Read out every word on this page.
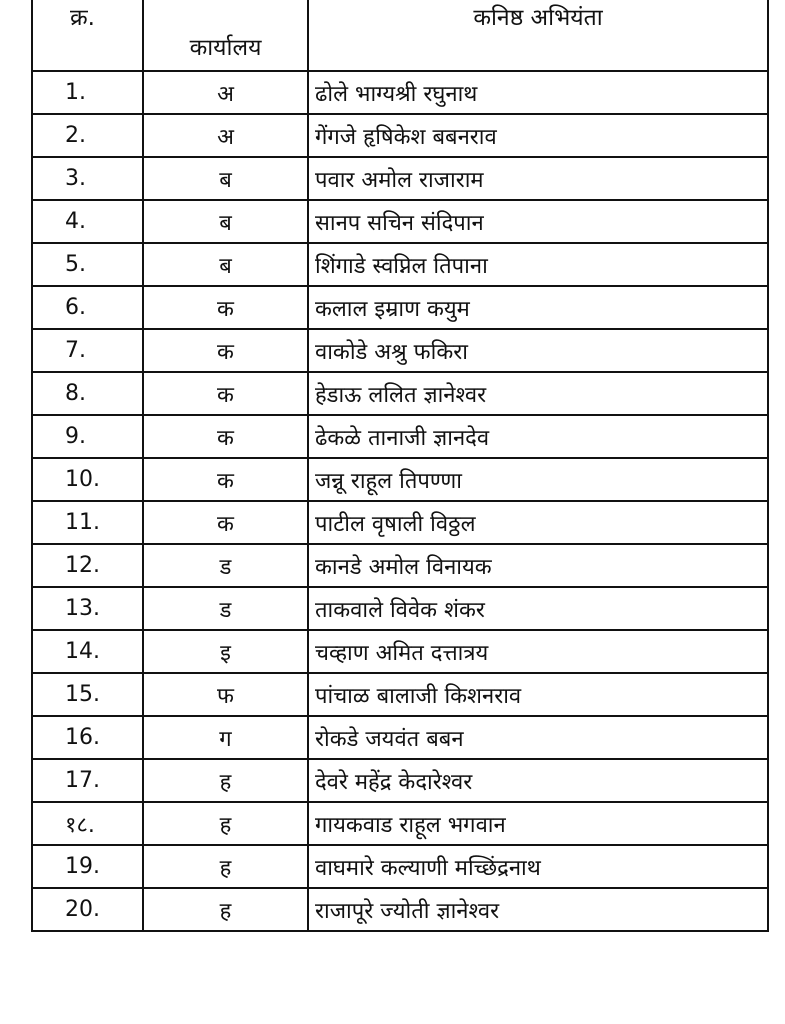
क्र.	कार्यालय	कनिष्ठ अभियंता
1.	अ	ढोले भाग्यश्री रघुनाथ
2.	अ	गेंगजे हृषिकेश बबनराव
3.	ब	पवार अमोल राजाराम
4.	ब	सानप सचिन संदिपान
5.	ब	शिंगाडे स्वप्निल तिपाना
6.	क	कलाल इम्राण कयुम
7.	क	वाकोडे अश्रु फकिरा
8.	क	हेडाऊ ललित ज्ञानेश्वर
9.	क	ढेकळे तानाजी ज्ञानदेव
10.	क	जन्नू राहूल तिपण्णा
11.	क	पाटील वृषाली विठ्ठल
12.	ड	कानडे अमोल विनायक
13.	ड	ताकवाले विवेक शंकर
14.	इ	चव्हाण अमित दत्तात्रय
15.	फ	पांचाळ बालाजी किशनराव
16.	ग	रोकडे जयवंत बबन
17.	ह	देवरे महेंद्र केदारेश्वर
१८.	ह	गायकवाड राहूल भगवान
19.	ह	वाघमारे कल्याणी मच्छिंद्रनाथ
20.	ह	राजापूरे ज्योती ज्ञानेश्वर
